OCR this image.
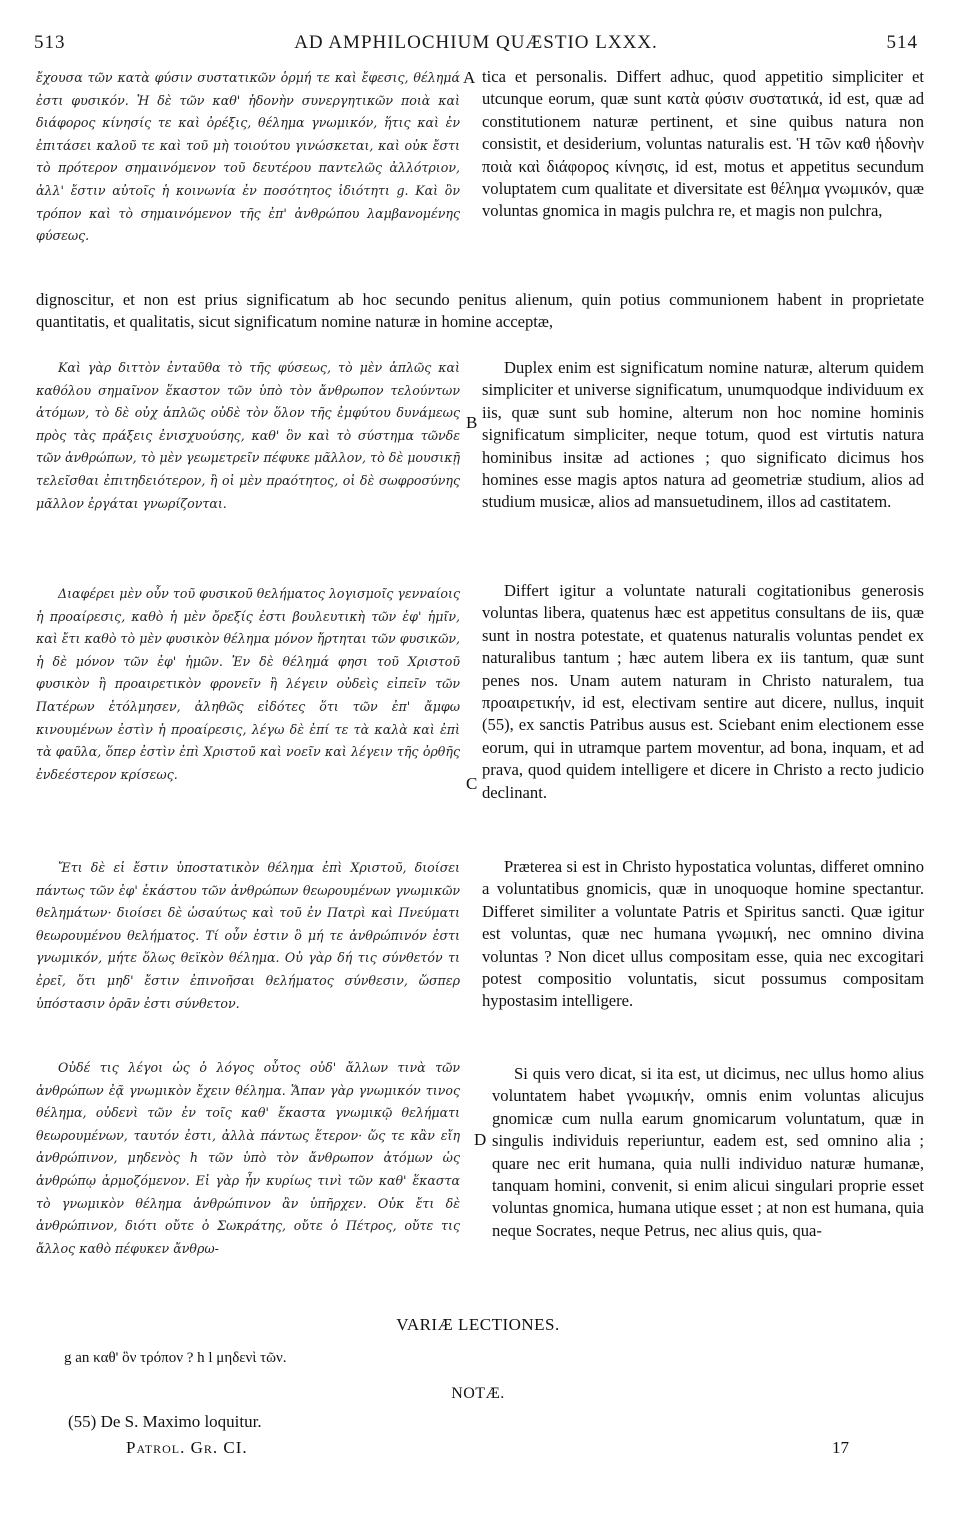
513	AD AMPHILOCHIUM QUÆSTIO LXXX.	514

ἔχουσα τῶν κατὰ φύσιν συστατικῶν ὁρμή τε καὶ ἔφεσις, θέλημά ἐστι φυσικόν. Ἡ δὲ τῶν καθ' ἡδονὴν συνεργητικῶν ποιὰ καὶ διάφορος κίνησίς τε καὶ ὀρέξις, θέλημα γνωμικόν, ἥτις καὶ ἐν ἐπιτάσει καλοῦ τε καὶ τοῦ μὴ τοιούτου γινώσκεται, καὶ οὐκ ἔστι τὸ πρότερον σημαινόμενον τοῦ δευτέρου παντελῶς ἀλλότριον, ἀλλ' ἔστιν αὐτοῖς ἡ κοινωνία ἐν ποσότητος ἰδιότητι g. Καὶ ὃν τρόπον καὶ τὸ σημαινόμενον τῆς ἐπ' ἀνθρώπου λαμβανομένης φύσεως.

A tica et personalis. Differt adhuc, quod appetitio simpliciter et utcunque eorum, quæ sunt κατὰ φύσιν συστατικά, id est, quæ ad constitutionem naturæ pertinent, et sine quibus natura non consistit, et desiderium, voluntas naturalis est. Ἡ τῶν καθ ἡδονὴν ποιὰ καὶ διάφορος κίνησις, id est, motus et appetitus secundum voluptatem cum qualitate et diversitate est θέλημα γνωμικόν, quæ voluntas gnomica in magis pulchra re, et magis non pulchra,

dignoscitur, et non est prius significatum ab hoc secundo penitus alienum, quin potius communionem habent in proprietate quantitatis, et qualitatis, sicut significatum nomine naturæ in homine acceptæ,

Καὶ γὰρ διττὸν ἐνταῦθα τὸ τῆς φύσεως, τὸ μὲν ἁπλῶς καὶ καθόλου σημαῖνον ἕκαστον τῶν ὑπὸ τὸν ἄνθρωπον τελούντων ἀτόμων, τὸ δὲ οὐχ ἁπλῶς οὐδὲ τὸν ὅλον τῆς ἐμφύτου δυνάμεως πρὸς τὰς πράξεις ἐνισχυούσης, καθ' ὃν καὶ τὸ σύστημα τῶνδε τῶν ἀνθρώπων, τὸ μὲν γεωμετρεῖν πέφυκε μᾶλλον, τὸ δὲ μουσικῇ τελεῖσθαι ἐπιτηδειότερον, ἢ οἱ μὲν πραότητος, οἱ δὲ σωφροσύνης μᾶλλον ἐργάται γνωρίζονται.

B

Duplex enim est significatum nomine naturæ, alterum quidem simpliciter et universe significatum, unumquodque individuum ex iis, quæ sunt sub homine, alterum non hoc nomine hominis significatum simpliciter, neque totum, quod est virtutis natura hominibus insitæ ad actiones ; quo significato dicimus hos homines esse magis aptos natura ad geometriæ studium, alios ad studium musicæ, alios ad mansuetudinem, illos ad castitatem.

Διαφέρει μὲν οὖν τοῦ φυσικοῦ θελήματος λογισμοῖς γενναίοις ἡ προαίρεσις, καθὸ ἡ μὲν ὄρεξίς ἐστι βουλευτικὴ τῶν ἐφ' ἡμῖν, καὶ ἔτι καθὸ τὸ μὲν φυσικὸν θέλημα μόνον ἤρτηται τῶν φυσικῶν, ἡ δὲ μόνον τῶν ἐφ' ἡμῶν. Ἐν δὲ θέλημά φησι τοῦ Χριστοῦ φυσικὸν ἢ προαιρετικὸν φρονεῖν ἢ λέγειν οὐδεὶς εἰπεῖν τῶν Πατέρων ἐτόλμησεν, ἀληθῶς εἰδότες ὅτι τῶν ἐπ' ἄμφω κινουμένων ἐστὶν ἡ προαίρεσις, λέγω δὲ ἐπί τε τὰ καλὰ καὶ ἐπὶ τὰ φαῦλα, ὅπερ ἐστὶν ἐπὶ Χριστοῦ καὶ νοεῖν καὶ λέγειν τῆς ὀρθῆς ἐνδεέστερον κρίσεως.	C

Differt igitur a voluntate naturali cogitationibus generosis voluntas libera, quatenus hæc est appetitus consultans de iis, quæ sunt in nostra potestate, et quatenus naturalis voluntas pendet ex naturalibus tantum ; hæc autem libera ex iis tantum, quæ sunt penes nos. Unam autem naturam in Christo naturalem, tua προαιρετικήν, id est, electivam sentire aut dicere, nullus, inquit (55), ex sanctis Patribus ausus est. Sciebant enim electionem esse eorum, qui in utramque partem moventur, ad bona, inquam, et ad prava, quod quidem intelligere et dicere in Christo a recto judicio declinant.

Ἔτι δὲ εἰ ἔστιν ὑποστατικὸν θέλημα ἐπὶ Χριστοῦ, διοίσει πάντως τῶν ἐφ' ἑκάστου τῶν ἀνθρώπων θεωρουμένων γνωμικῶν θελημάτων· διοίσει δὲ ὡσαύτως καὶ τοῦ ἐν Πατρὶ καὶ Πνεύματι θεωρουμένου θελήματος. Τί οὖν ἐστιν ὃ μή τε ἀνθρώπινόν ἐστι γνωμικόν, μήτε ὅλως θεϊκὸν θέλημα. Οὐ γὰρ δή τις σύνθετόν τι ἐρεῖ, ὅτι μηδ' ἔστιν ἐπινοῆσαι θελήματος σύνθεσιν, ὥσπερ ὑπόστασιν ὁρᾶν ἐστι σύνθετον.

Præterea si est in Christo hypostatica voluntas, differet omnino a voluntatibus gnomicis, quæ in unoquoque homine spectantur. Differet similiter a voluntate Patris et Spiritus sancti. Quæ igitur est voluntas, quæ nec humana γνωμική, nec omnino divina voluntas ? Non dicet ullus compositam esse, quia nec excogitari potest compositio voluntatis, sicut possumus compositam hypostasim intelligere.

Οὐδέ τις λέγοι ὡς ὁ λόγος οὗτος οὐδ' ἄλλων τινὰ τῶν ἀνθρώπων ἐᾷ γνωμικὸν ἔχειν θέλημα. Ἅπαν γὰρ γνωμικόν τινος θέλημα, οὐδενὶ τῶν ἐν τοῖς καθ' ἕκαστα γνωμικῷ θελήματι θεωρουμένων, ταυτόν ἐστι, ἀλλὰ πάντως ἕτερον· ὥς τε κἂν εἴη ἀνθρώπινον, μηδενὸς h τῶν ὑπὸ τὸν ἄνθρωπον ἀτόμων ὡς ἀνθρώπῳ ἁρμοζόμενον. Εἰ γὰρ ἦν κυρίως τινὶ τῶν καθ' ἕκαστα τὸ γνωμικὸν θέλημα ἀνθρώπινον ἂν ὑπῆρχεν. Οὐκ ἔτι δὲ ἀνθρώπινον, διότι οὔτε ὁ Σωκράτης, οὔτε ὁ Πέτρος, οὔτε τις ἄλλος καθὸ πέφυκεν ἄνθρω-

D

Si quis vero dicat, si ita est, ut dicimus, nec ullus homo alius voluntatem habet γνωμικήν, omnis enim voluntas alicujus gnomicæ cum nulla earum gnomicarum voluntatum, quæ in singulis individuis reperiuntur, eadem est, sed omnino alia ; quare nec erit humana, quia nulli individuo naturæ humanæ, tanquam homini, convenit, si enim alicui singulari proprie esset voluntas gnomica, humana utique esset ; at non est humana, quia neque Socrates, neque Petrus, nec alius quis, qua-

VARIÆ LECTIONES.
g an καθ' ὃν τρόπον ? h l μηδενὶ τῶν.
NOTÆ.
(55) De S. Maximo loquitur.
Patrol. Gr. CI.	17
